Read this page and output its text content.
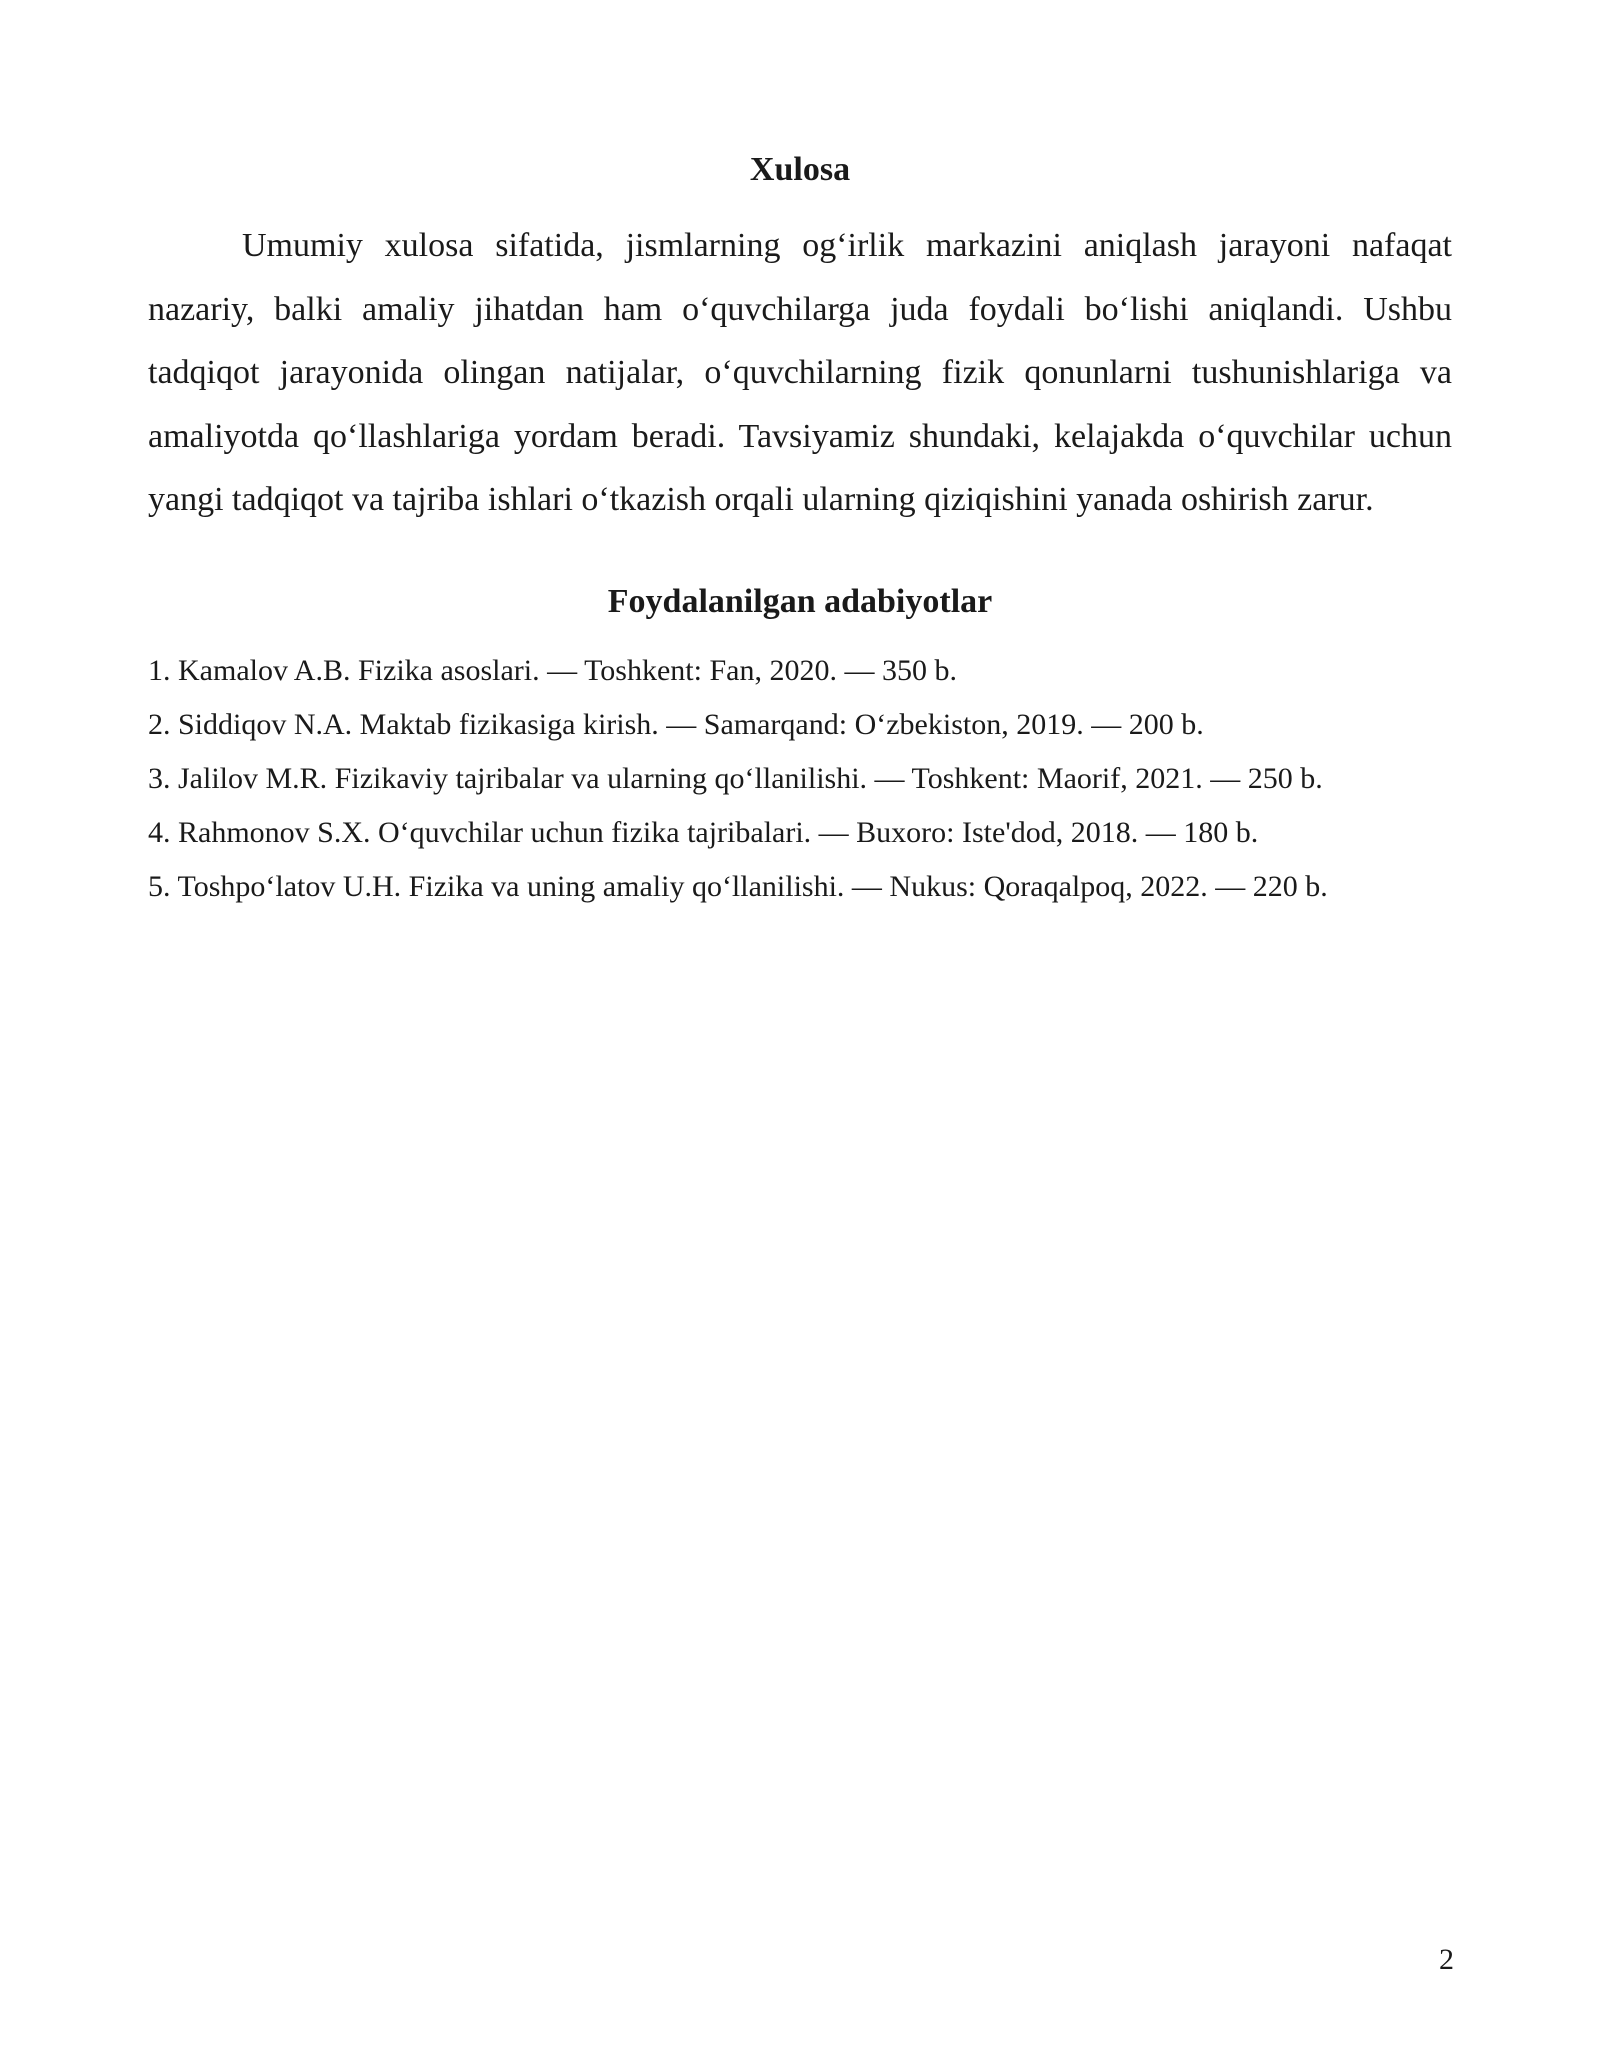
Xulosa

Umumiy xulosa sifatida, jismlarning og‘irlik markazini aniqlash jarayoni nafaqat nazariy, balki amaliy jihatdan ham o‘quvchilarga juda foydali bo‘lishi aniqlandi. Ushbu tadqiqot jarayonida olingan natijalar, o‘quvchilarning fizik qonunlarni tushunishlariga va amaliyotda qo‘llashlariga yordam beradi. Tavsiyamiz shundaki, kelajakda o‘quvchilar uchun yangi tadqiqot va tajriba ishlari o‘tkazish orqali ularning qiziqishini yanada oshirish zarur.

Foydalanilgan adabiyotlar
1. Kamalov A.B. Fizika asoslari. — Toshkent: Fan, 2020. — 350 b.
2. Siddiqov N.A. Maktab fizikasiga kirish. — Samarqand: O‘zbekiston, 2019. — 200 b.
3. Jalilov M.R. Fizikaviy tajribalar va ularning qo‘llanilishi. — Toshkent: Maorif, 2021. — 250 b.
4. Rahmonov S.X. O‘quvchilar uchun fizika tajribalari. — Buxoro: Iste'dod, 2018. — 180 b.
5. Toshpo‘latov U.H. Fizika va uning amaliy qo‘llanilishi. — Nukus: Qoraqalpoq, 2022. — 220 b.
2
